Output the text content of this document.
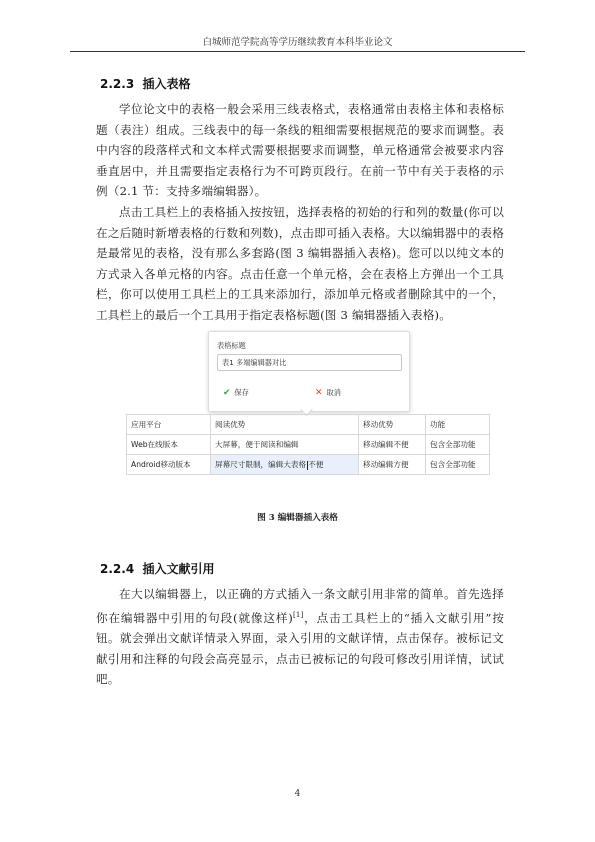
白城师范学院高等学历继续教育本科毕业论文
2.2.3 插入表格
学位论文中的表格一般会采用三线表格式，表格通常由表格主体和表格标题（表注）组成。三线表中的每一条线的粗细需要根据规范的要求而调整。表中内容的段落样式和文本样式需要根据要求而调整，单元格通常会被要求内容垂直居中，并且需要指定表格行为不可跨页段行。在前一节中有关于表格的示例（2.1 节：支持多端编辑器）。
点击工具栏上的表格插入按按钮，选择表格的初始的行和列的数量(你可以在之后随时新增表格的行数和列数)，点击即可插入表格。大以编辑器中的表格是最常见的表格，没有那么多套路(图 3 编辑器插入表格)。您可以以纯文本的方式录入各单元格的内容。点击任意一个单元格，会在表格上方弹出一个工具栏，你可以使用工具栏上的工具来添加行，添加单元格或者删除其中的一个，工具栏上的最后一个工具用于指定表格标题(图 3 编辑器插入表格)。
表格标题
表1 多端编辑器对比
✔ 保存	✕ 取消
应用平台	阅读优势	移动优势	功能
Web在线版本	大屏幕，便于阅读和编辑	移动编辑不便	包含全部功能
Android移动版本	屏幕尺寸限制，编辑大表格 不便	移动编辑方便	包含全部功能
图 3 编辑器插入表格
2.2.4 插入文献引用
在大以编辑器上，以正确的方式插入一条文献引用非常的简单。首先选择你在编辑器中引用的句段(就像这样)[1]，点击工具栏上的“插入文献引用”按钮。就会弹出文献详情录入界面，录入引用的文献详情，点击保存。被标记文献引用和注释的句段会高亮显示，点击已被标记的句段可修改引用详情，试试吧。
4
